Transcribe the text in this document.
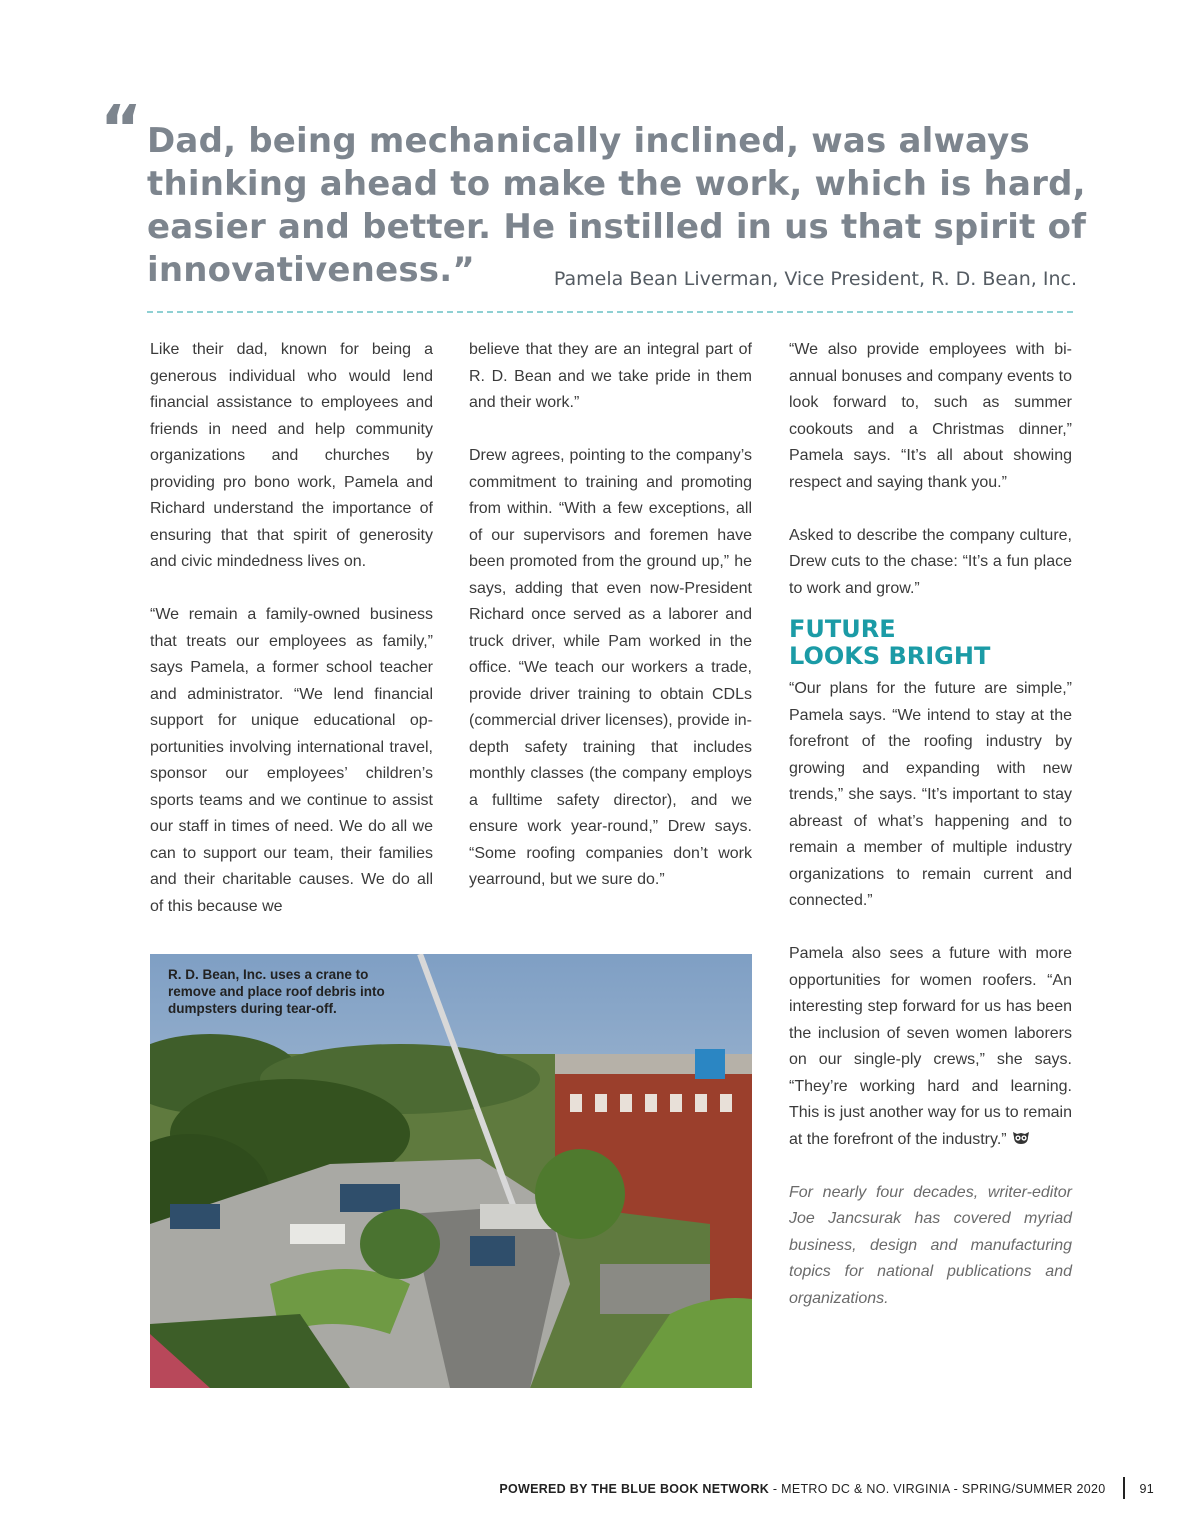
“ Dad, being mechanically inclined, was always thinking ahead to make the work, which is hard, easier and better. He instilled in us that spirit of innovativeness.”	Pamela Bean Liverman, Vice President, R. D. Bean, Inc.

Like their dad, known for being a generous individual who would lend financial assistance to employees and friends in need and help community organizations and churches by providing pro bono work, Pamela and Richard understand the importance of ensuring that that spirit of generosity and civic mindedness lives on.

“We remain a family-owned business that treats our employees as family,” says Pamela, a former school teacher and administrator. “We lend financial support for unique educational opportunities involving international travel, sponsor our employees’ children’s sports teams and we continue to assist our staff in times of need. We do all we can to support our team, their families and their charitable causes. We do all of this because we

believe that they are an integral part of R. D. Bean and we take pride in them and their work.”

Drew agrees, pointing to the company’s commitment to training and promoting from within. “With a few exceptions, all of our supervisors and foremen have been promoted from the ground up,” he says, adding that even now-President Richard once served as a laborer and truck driver, while Pam worked in the office. “We teach our workers a trade, provide driver training to obtain CDLs (commercial driver licenses), provide in-depth safety training that includes monthly classes (the company employs a fulltime safety director), and we ensure work year-round,” Drew says. “Some roofing companies don’t work yearround, but we sure do.”

“We also provide employees with biannual bonuses and company events to look forward to, such as summer cookouts and a Christmas dinner,” Pamela says. “It’s all about showing respect and saying thank you.”

Asked to describe the company culture, Drew cuts to the chase: “It’s a fun place to work and grow.”

FUTURE
LOOKS BRIGHT

“Our plans for the future are simple,” Pamela says. “We intend to stay at the forefront of the roofing industry by growing and expanding with new trends,” she says. “It’s important to stay abreast of what’s happening and to remain a member of multiple industry organizations to remain current and connected.”

Pamela also sees a future with more opportunities for women roofers. “An interesting step forward for us has been the inclusion of seven women laborers on our single-ply crews,” she says. “They’re working hard and learning. This is just another way for us to remain at the forefront of the industry.”

For nearly four decades, writer-editor Joe Jancsurak has covered myriad business, design and manufacturing topics for national publications and organizations.

R. D. Bean, Inc. uses a crane to remove and place roof debris into dumpsters during tear-off.
POWERED BY THE BLUE BOOK NETWORK - METRO DC & NO. VIRGINIA - SPRING/SUMMER 2020	91
